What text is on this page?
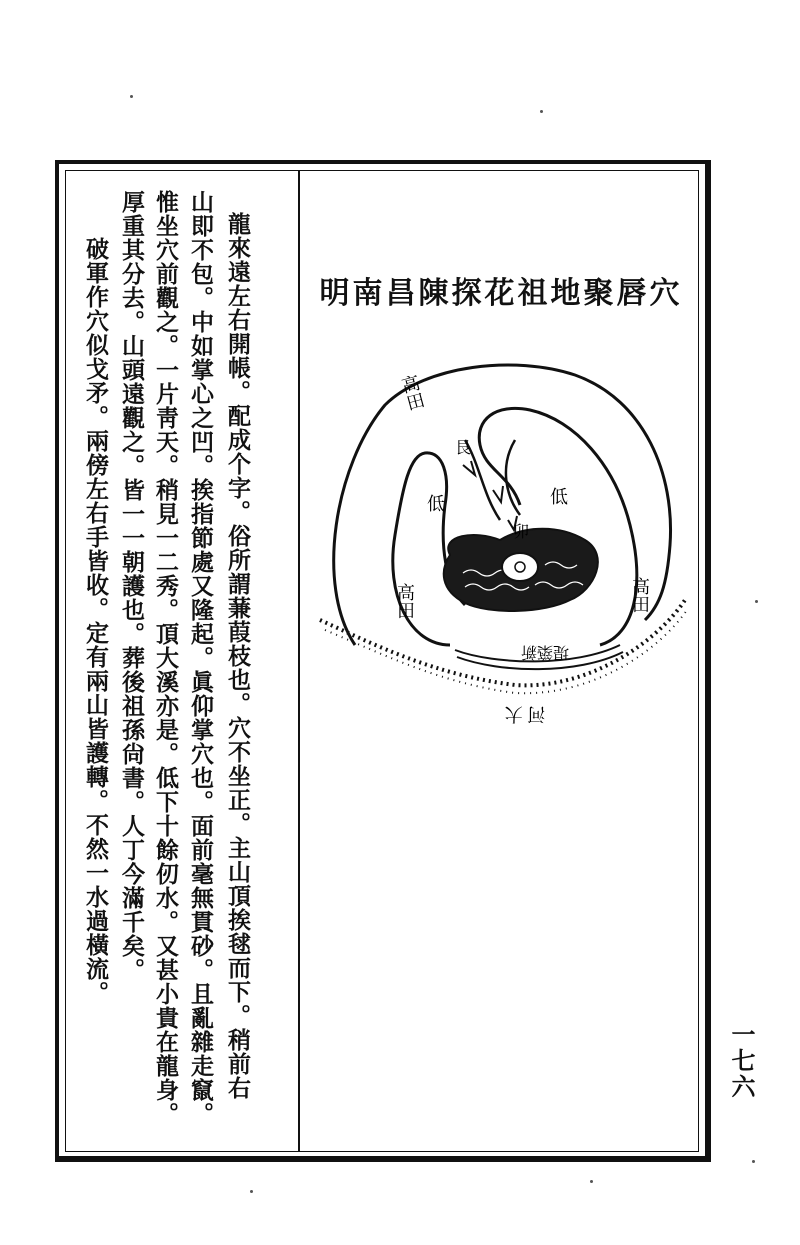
龍來遠左右開帳。配成个字。俗所謂蒹葭枝也。穴不坐正。主山頂挨毬而下。稍前右
山即不包。中如掌心之凹。挨指節處又隆起。眞仰掌穴也。面前毫無貫砂。且亂雜走竄。
惟坐穴前觀之。一片靑天。稍見一二秀。頂大溪亦是。低下十餘仞水。又甚小貴在龍身。
厚重其分去。山頭遠觀之。皆一一朝護也。葬後祖孫尙書。人丁今滿千矣。
破軍作穴似戈矛。兩傍左右手皆收。定有兩山皆護轉。不然一水過橫流。	明南昌陳探花祖地聚唇穴
高田
高田	高田
低	低
艮
卯
堤築新
河 大
一七六
